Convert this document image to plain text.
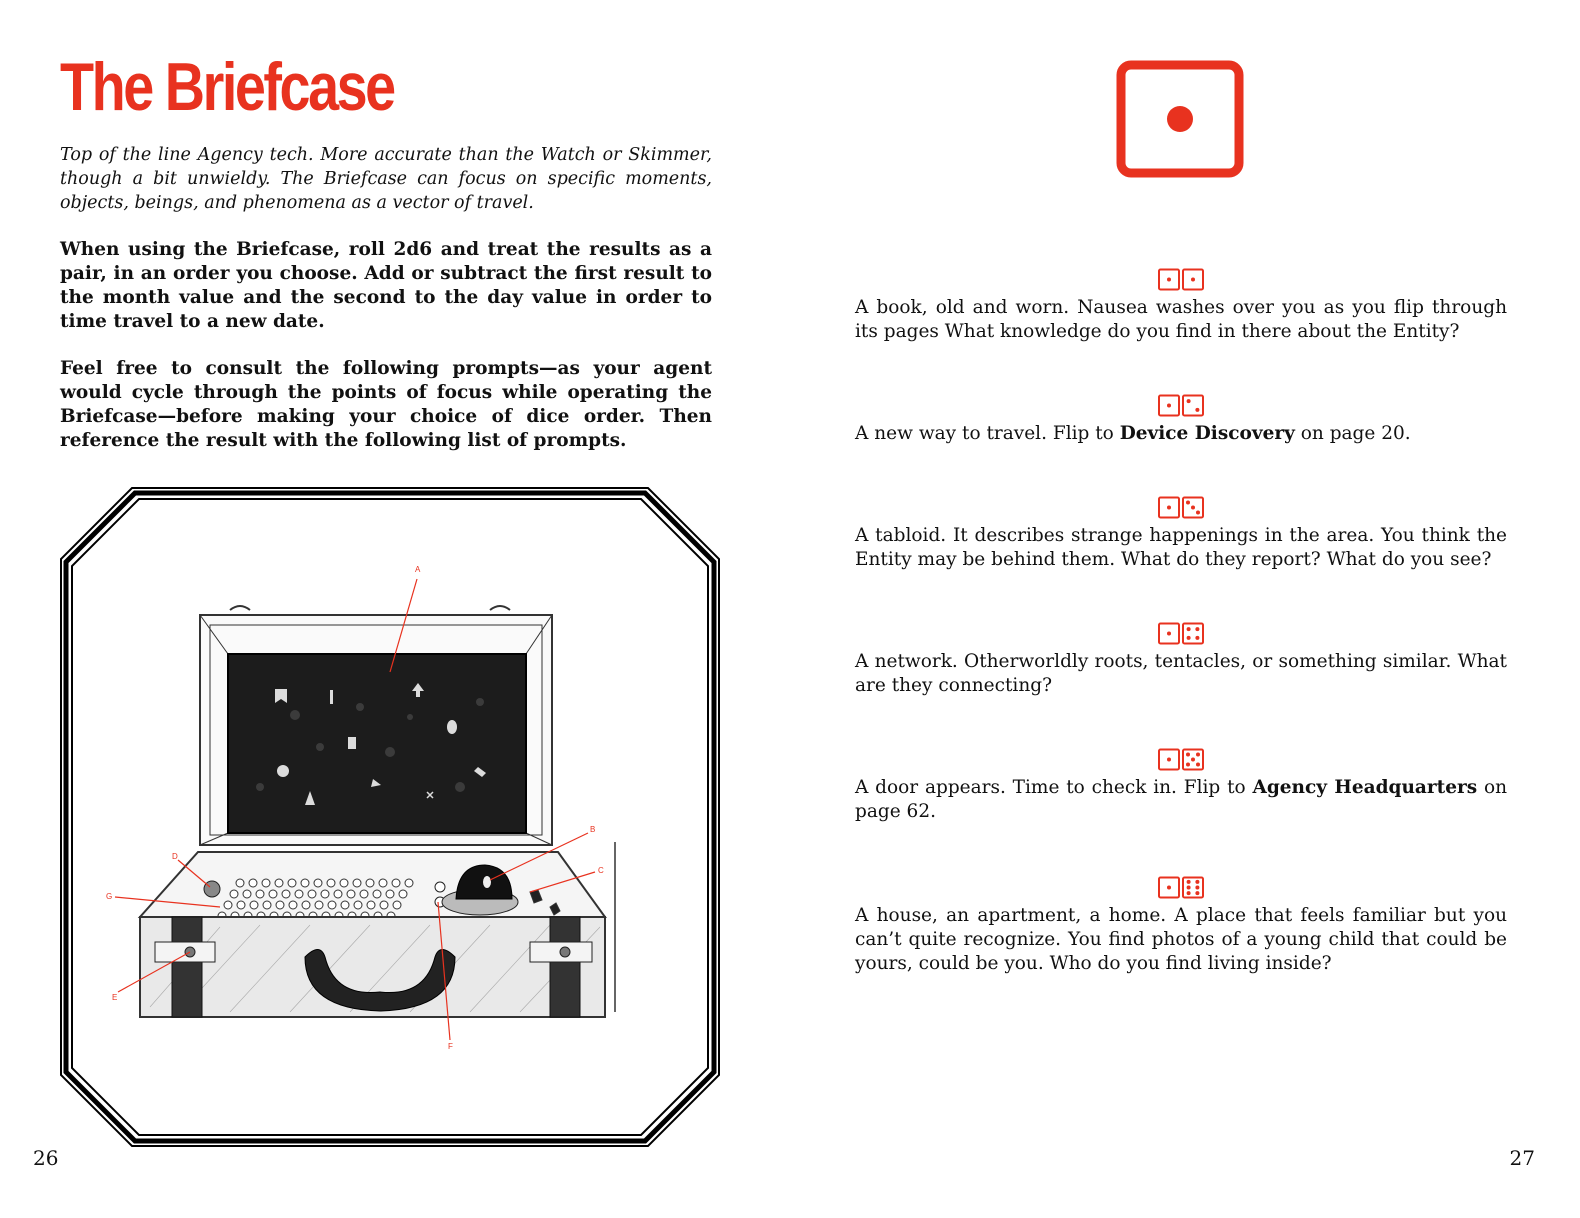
The Briefcase

Top of the line Agency tech. More accurate than the Watch or Skimmer, though a bit unwieldy. The Briefcase can focus on specific moments, objects, beings, and phenomena as a vector of travel.

When using the Briefcase, roll 2d6 and treat the results as a pair, in an order you choose. Add or subtract the first result to the month value and the second to the day value in order to time travel to a new date.

Feel free to consult the following prompts—as your agent would cycle through the points of focus while operating the Briefcase—before making your choice of dice order. Then reference the result with the following list of prompts.

A
B
C
D
E
F
G
26

A book, old and worn. Nausea washes over you as you flip through its pages What knowledge do you find in there about the Entity?

A new way to travel. Flip to Device Discovery on page 20.

A tabloid. It describes strange happenings in the area. You think the Entity may be behind them. What do they report? What do you see?

A network. Otherworldly roots, tentacles, or something similar. What are they connecting?

A door appears. Time to check in. Flip to Agency Headquarters on page 62.

A house, an apartment, a home. A place that feels familiar but you can’t quite recognize. You find photos of a young child that could be yours, could be you. Who do you find living inside?

27
